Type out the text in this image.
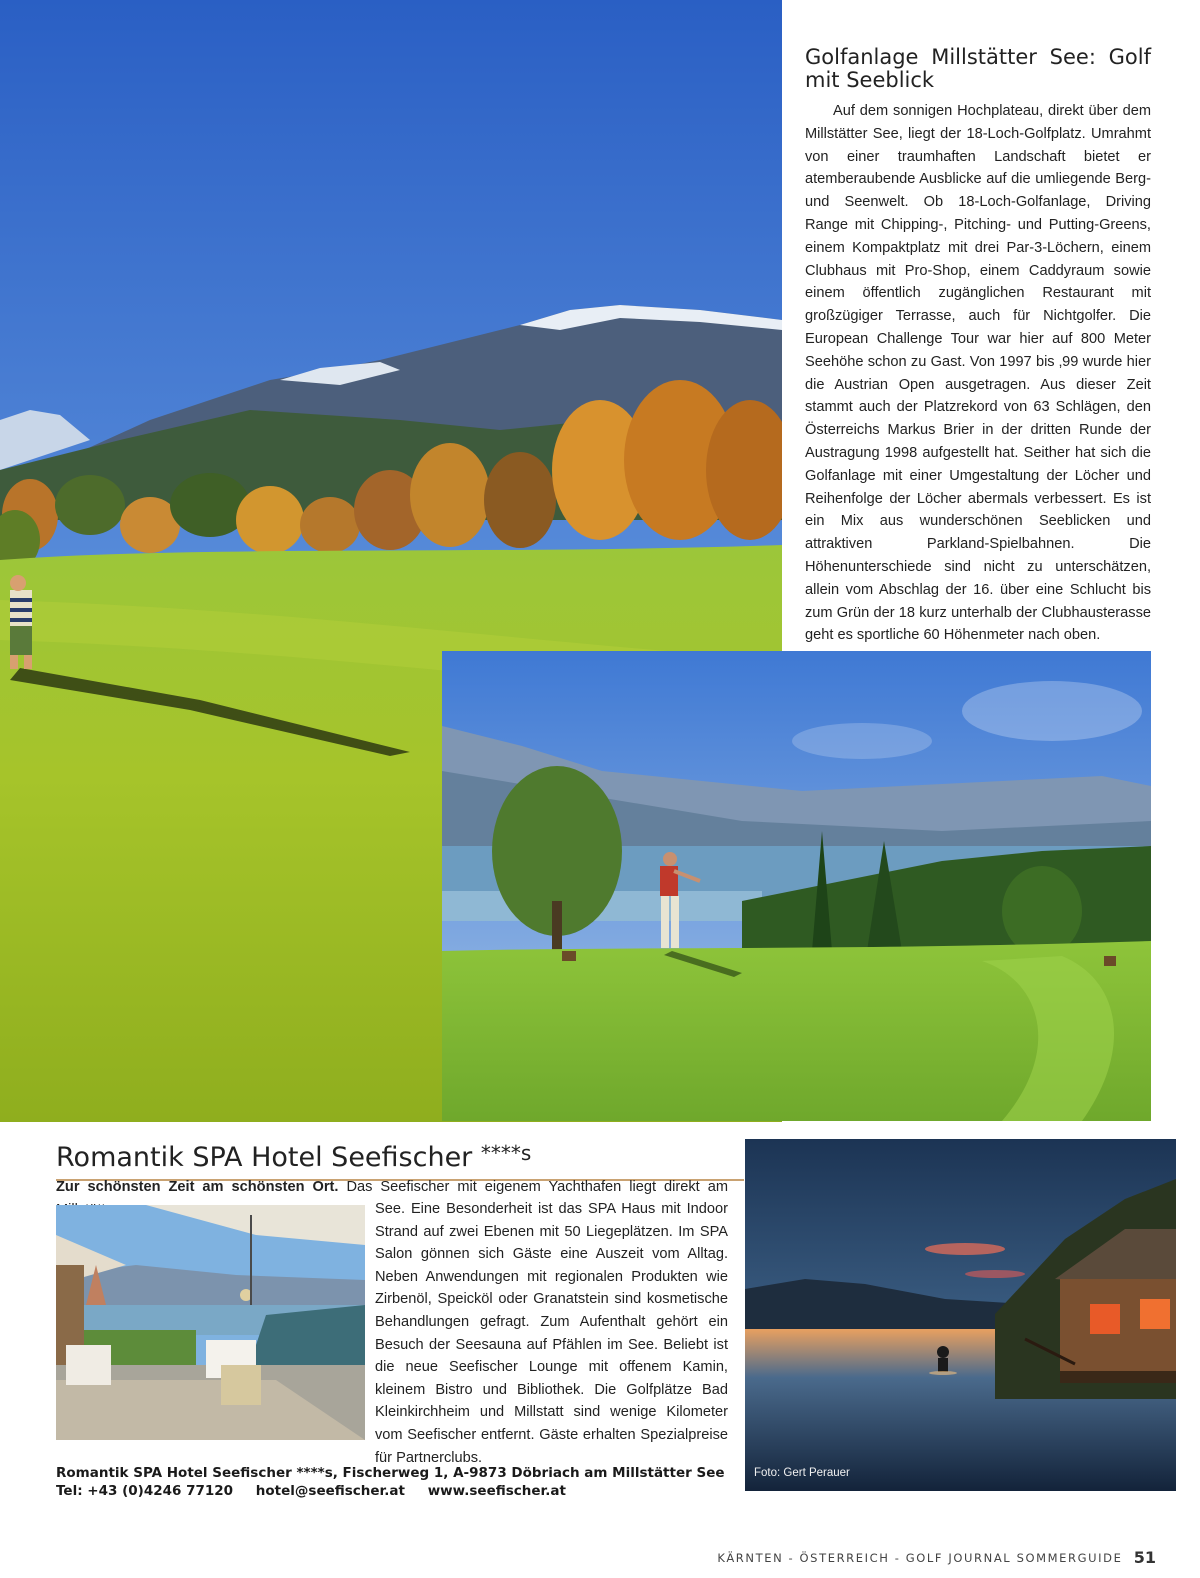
Golfanlage Millstätter See: Golf mit Seeblick

Auf dem sonnigen Hochplateau, direkt über dem Millstätter See, liegt der 18-Loch-Golfplatz. Umrahmt von einer traumhaften Landschaft bietet er atemberaubende Ausblicke auf die umliegende Berg- und Seenwelt. Ob 18-Loch-Golfanlage, Driving Range mit Chipping-, Pitching- und Putting-Greens, einem Kompaktplatz mit drei Par-3-Löchern, einem Clubhaus mit Pro-Shop, einem Caddyraum sowie einem öffentlich zugänglichen Restaurant mit großzügiger Terrasse, auch für Nichtgolfer. Die European Challenge Tour war hier auf 800 Meter Seehöhe schon zu Gast. Von 1997 bis ‚99 wurde hier die Austrian Open ausgetragen. Aus dieser Zeit stammt auch der Platzrekord von 63 Schlägen, den Österreichs Markus Brier in der dritten Runde der Austragung 1998 aufgestellt hat. Seither hat sich die Golfanlage mit einer Umgestaltung der Löcher und Reihenfolge der Löcher abermals verbessert. Es ist ein Mix aus wunderschönen Seeblicken und attraktiven Parkland-Spielbahnen. Die Höhenunterschiede sind nicht zu unterschätzen, allein vom Abschlag der 16. über eine Schlucht bis zum Grün der 18 kurz unterhalb der Clubhausterasse geht es sportliche 60 Höhenmeter nach oben.

Romantik SPA Hotel Seefischer $^{****s}$
Zur schönsten Zeit am schönsten Ort. Das Seefischer mit eigenem Yachthafen liegt direkt am
See. Eine Besonderheit ist das SPA Haus mit Indoor Strand auf zwei Ebenen mit 50 Liegeplätzen. Im SPA Salon gönnen sich Gäste eine Auszeit vom Alltag. Neben Anwendungen mit regionalen Produkten wie Zirbenöl, Speicköl oder Granatstein sind kosmetische Behandlungen gefragt. Zum Aufenthalt gehört ein Besuch der Seesauna auf Pfählen im See. Beliebt ist die neue Seefischer Lounge mit offenem Kamin, kleinem Bistro und Bibliothek. Die Golfplätze Bad Kleinkirchheim und Millstatt sind wenige Kilometer vom Seefischer entfernt. Gäste erhalten Spezialpreise für Partnerclubs.
Romantik SPA Hotel Seefischer ****s, Fischerweg 1, A-9873 Döbriach am Millstätter See
Tel: +43 (0)4246 77120 hotel@seefischer.at www.seefischer.at
Foto: Gert Perauer
KÄRNTEN - ÖSTERREICH - GOLF JOURNAL SOMMERGUIDE 51
